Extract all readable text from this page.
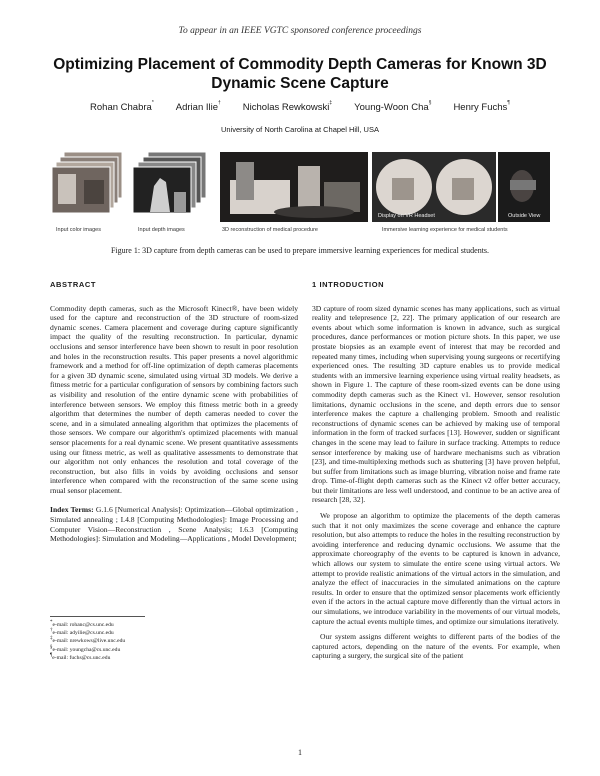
To appear in an IEEE VGTC sponsored conference proceedings
Optimizing Placement of Commodity Depth Cameras for Known 3D
Dynamic Scene Capture
Rohan Chabra* Adrian Ilie† Nicholas Rewkowski‡ Young-Woon Cha§ Henry Fuchs¶
University of North Carolina at Chapel Hill, USA
Display on VR Headset	Outside View
Input color images	Input depth images	3D reconstruction of medical procedure	Immersive learning experience for medical students
Figure 1: 3D capture from depth cameras can be used to prepare immersive learning experiences for medical students.
ABSTRACT

Commodity depth cameras, such as the Microsoft Kinect®, have been widely used for the capture and reconstruction of the 3D structure of room-sized dynamic scenes. Camera placement and coverage during capture significantly impact the quality of the resulting reconstruction. In particular, dynamic occlusions and sensor interference have been shown to result in poor resolution and holes in the reconstruction results. This paper presents a novel algorithmic framework and a method for off-line optimization of depth cameras placements for a given 3D dynamic scene, simulated using virtual 3D models. We derive a fitness metric for a particular configuration of sensors by combining factors such as visibility and resolution of the entire dynamic scene with probabilities of interference between sensors. We employ this fitness metric both in a greedy algorithm that determines the number of depth cameras needed to cover the scene, and in a simulated annealing algorithm that optimizes the placements of those sensors. We compare our algorithm's optimized placements with manual sensor placements for a real dynamic scene. We present quantitative assessments using our fitness metric, as well as qualitative assessments to demonstrate that our algorithm not only enhances the resolution and total coverage of the reconstruction, but also fills in voids by avoiding occlusions and sensor interference when compared with the reconstruction of the same scene using rnual sensor placement.

Index Terms: G.1.6 [Numerical Analysis]: Optimization—Global optimization , Simulated annealing ; I.4.8 [Computing Methodologies]: Image Processing and Computer Vision—Reconstruction , Scene Analysis; I.6.3 [Computing Methodologies]: Simulation and Modeling—Applications , Model Development;

*e-mail: rohanc@cs.unc.edu
†e-mail: adyilie@cs.unc.edu
‡e-mail: nrewkows@live.unc.edu
§e-mail: youngcha@cs.unc.edu
¶e-mail: fuchs@cs.unc.edu
1 INTRODUCTION

3D capture of room sized dynamic scenes has many applications, such as virtual reality and telepresence [2, 22]. The primary application of our research are events about which some information is known in advance, such as surgical procedures, dance performances or motion picture shots. In this paper, we use prostate biopsies as an example event of interest that may be recorded and repeated many times, including when supervising young surgeons or recertifying experienced ones. The resulting 3D capture enables us to provide medical students with an immersive learning experience using virtual reality headsets, as shown in Figure 1. The capture of these room-sized events can be done using commodity depth cameras such as the Kinect v1. However, sensor resolution limitations, dynamic occlusions in the scene, and depth errors due to sensor interference makes the capture a challenging problem. Smooth and realistic reconstructions of dynamic scenes can be achieved by making use of temporal information in the form of tracked surfaces [13]. However, sudden or significant changes in the scene may lead to failure in surface tracking. Attempts to reduce sensor interference by making use of hardware mechanisms such as vibration [23], and time-multiplexing methods such as shuttering [3] have proven helpful, but suffer from limitations such as image blurring, vibration noise and frame rate drop. Time-of-flight depth cameras such as the Kinect v2 offer better accuracy, but their limitations are less well understood, and continue to be an active area of research [28, 32].

We propose an algorithm to optimize the placements of the depth cameras such that it not only maximizes the scene coverage and enhance the capture resolution, but also attempts to reduce the holes in the resulting reconstruction by avoiding interference and reducing dynamic occlusions. We assume that the approximate choreography of the events to be captured is known in advance, which allows our system to simulate the entire scene using virtual actors. We attempt to provide realistic animations of the virtual actors in the simulation, and analyze the effect of inaccuracies in the simulated animations on the capture results. In order to ensure that the optimized sensor placements work efficiently even if the actors in the actual capture move differently than the virtual actors in our simulations, we introduce variability in the movements of our virtual models, capture the actual events multiple times, and optimize our simulations iteratively.

Our system assigns different weights to different parts of the bodies of the captured actors, depending on the nature of the events. For example, when capturing a surgery, the surgical site of the patient

1
